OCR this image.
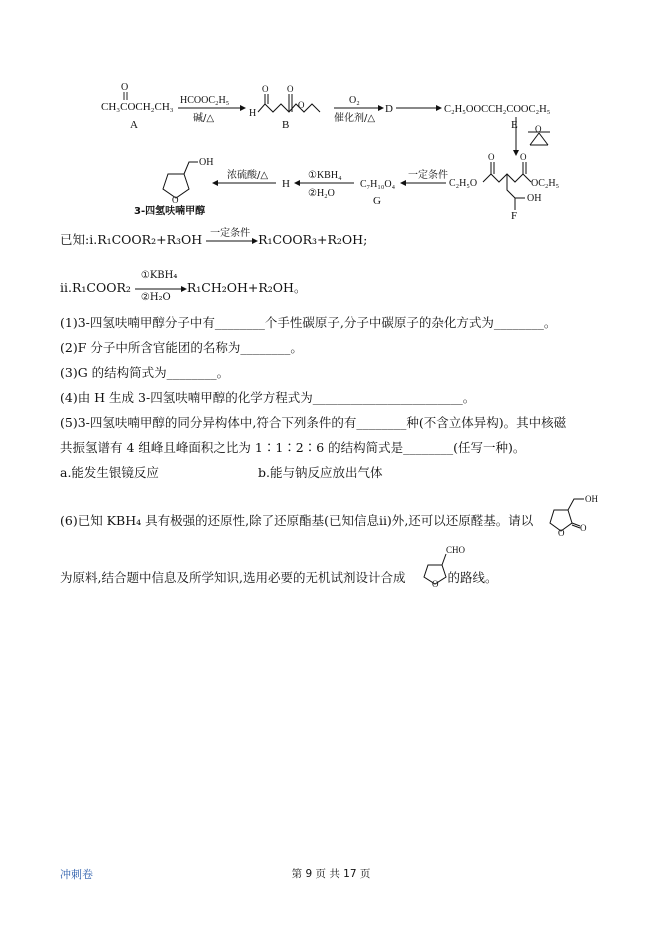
O
CH₃COCH₂CH₃
A
HCOOC₂H₅
碱/△	H
O O
O
B
O₂
催化剂/△
D	C₂H₅OOCCH₂COOC₂H₅
E O
C₂H₅O
O	O
OC₂H₅
OH
F
一定条件
C₇H₁₀O₄
G
①KBH₄
②H₂O
H
浓硫酸/△
OH
O
3-四氢呋喃甲醇
已知:i.R₁COOR₂+R₃OH 一定条件 R₁COOR₃+R₂OH;
ii.R₁COOR₂
①KBH₄
②H₂O
R₁CH₂OH+R₂OH。
(1)3-四氢呋喃甲醇分子中有________个手性碳原子,分子中碳原子的杂化方式为________。
(2)F 分子中所含官能团的名称为________。
(3)G 的结构简式为________。
(4)由 H 生成 3-四氢呋喃甲醇的化学方程式为________________________。
(5)3-四氢呋喃甲醇的同分异构体中,符合下列条件的有________种(不含立体异构)。其中核磁
共振氢谱有 4 组峰且峰面积之比为 1∶1∶2∶6 的结构简式是________(任写一种)。
a.能发生银镜反应	b.能与钠反应放出气体
(6)已知 KBH₄ 具有极强的还原性,除了还原酯基(已知信息ii)外,还可以还原醛基。请以
OH
O O
为原料,结合题中信息及所学知识,选用必要的无机试剂设计合成	的路线。
CHO
O
冲刺卷	第 9 页 共 17 页
